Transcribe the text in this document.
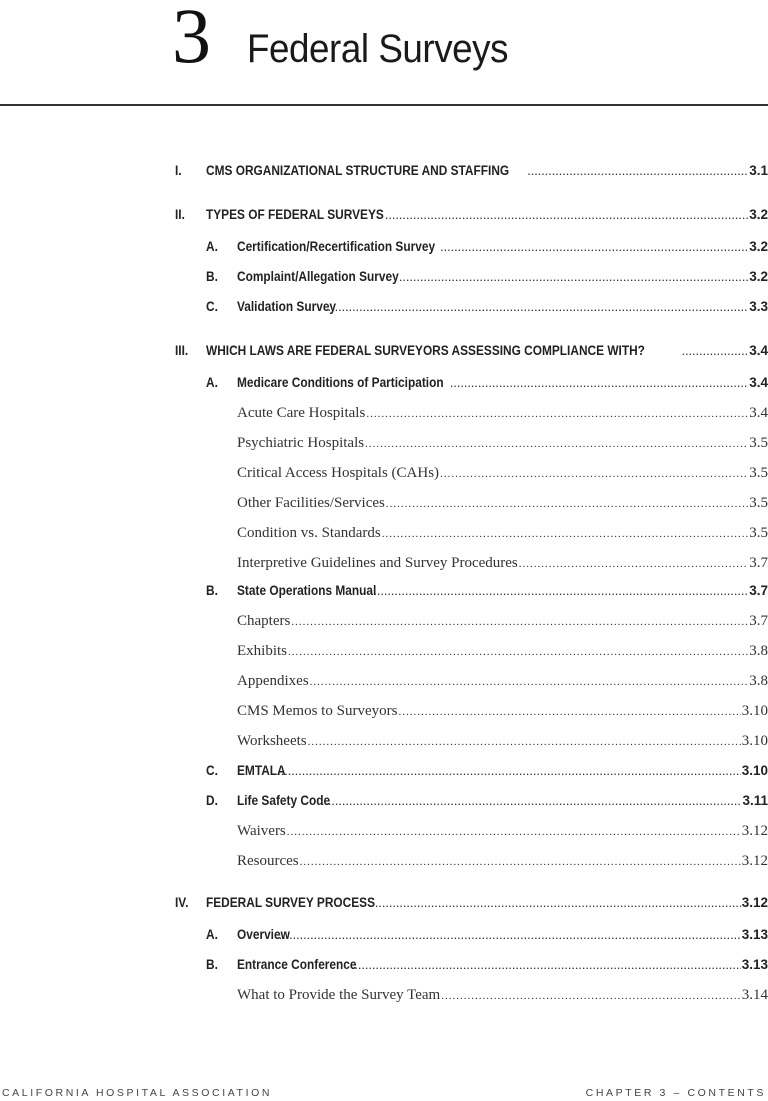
3 Federal Surveys
I.	CMS ORGANIZATIONAL STRUCTURE AND STAFFING .....	3.1
II.	TYPES OF FEDERAL SURVEYS .....	3.2
A.	Certification/Recertification Survey .....	3.2
B.	Complaint/Allegation Survey .....	3.2
C.	Validation Survey .....	3.3
III.	WHICH LAWS ARE FEDERAL SURVEYORS ASSESSING COMPLIANCE WITH? .....	3.4
A.	Medicare Conditions of Participation .....	3.4
Acute Care Hospitals .....	3.4
Psychiatric Hospitals .....	3.5
Critical Access Hospitals (CAHs) .....	3.5
Other Facilities/Services .....	3.5
Condition vs. Standards .....	3.5
Interpretive Guidelines and Survey Procedures .....	3.7
B.	State Operations Manual .....	3.7
Chapters .....	3.7
Exhibits .....	3.8
Appendixes .....	3.8
CMS Memos to Surveyors .....	3.10
Worksheets .....	3.10
C.	EMTALA .....	3.10
D.	Life Safety Code .....	3.11
Waivers .....	3.12
Resources .....	3.12
IV.	FEDERAL SURVEY PROCESS .....	3.12
A.	Overview .....	3.13
B.	Entrance Conference .....	3.13
What to Provide the Survey Team .....	3.14
CALIFORNIA HOSPITAL ASSOCIATION	CHAPTER 3 – CONTENTS
